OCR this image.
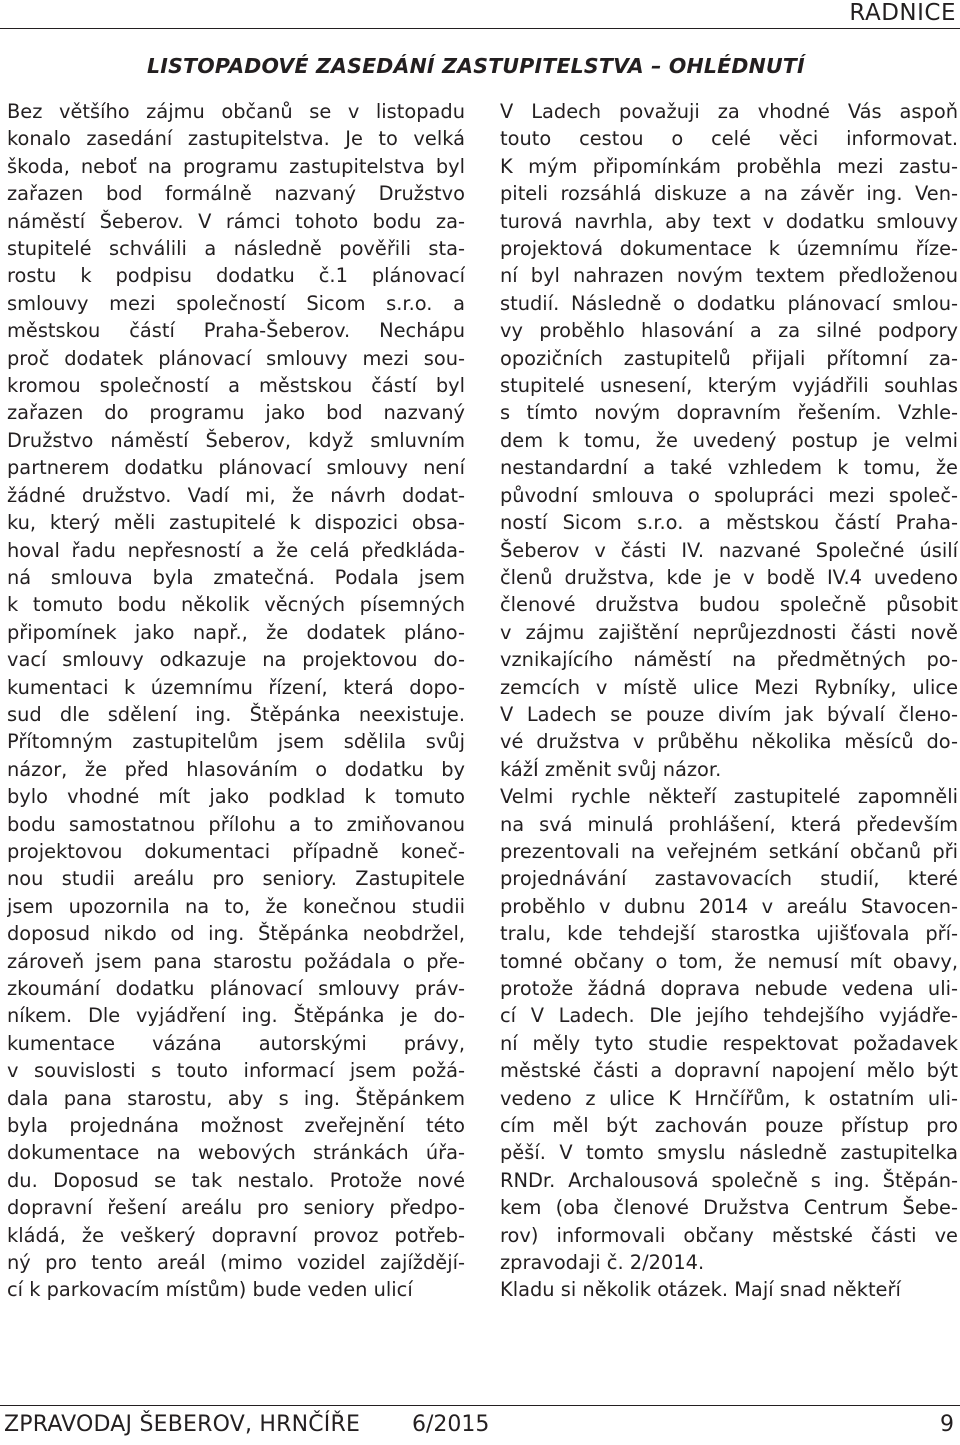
RADNICE
LISTOPADOVÉ ZASEDÁNÍ ZASTUPITELSTVA – OHLÉDNUTÍ

Bez většího zájmu občanů se v listopadu
konalo zasedání zastupitelstva. Je to velká
škoda, neboť na programu zastupitelstva byl
zařazen bod formálně nazvaný Družstvo
náměstí Šeberov. V rámci tohoto bodu za-
stupitelé schválili a následně pověřili sta-
rostu k podpisu dodatku č.1 plánovací
smlouvy mezi společností Sicom s.r.o. a
městskou částí Praha-Šeberov. Nechápu
proč dodatek plánovací smlouvy mezi sou-
kromou společností a městskou částí byl
zařazen do programu jako bod nazvaný
Družstvo náměstí Šeberov, když smluvním
partnerem dodatku plánovací smlouvy není
žádné družstvo. Vadí mi, že návrh dodat-
ku, který měli zastupitelé k dispozici obsa-
hoval řadu nepřesností a že celá předkláda-
ná smlouva byla zmatečná. Podala jsem
k tomuto bodu několik věcných písemných
připomínek jako např., že dodatek pláno-
vací smlouvy odkazuje na projektovou do-
kumentaci k územnímu řízení, která dopo-
sud dle sdělení ing. Štěpánka neexistuje.
Přítomným zastupitelům jsem sdělila svůj
názor, že před hlasováním o dodatku by
bylo vhodné mít jako podklad k tomuto
bodu samostatnou přílohu a to zmiňovanou
projektovou dokumentaci případně koneč-
nou studii areálu pro seniory. Zastupitele
jsem upozornila na to, že konečnou studii
doposud nikdo od ing. Štěpánka neobdržel,
zároveň jsem pana starostu požádala o pře-
zkoumání dodatku plánovací smlouvy práv-
níkem. Dle vyjádření ing. Štěpánka je do-
kumentace vázána autorskými právy,
v souvislosti s touto informací jsem požá-
dala pana starostu, aby s ing. Štěpánkem
byla projednána možnost zveřejnění této
dokumentace na webových stránkách úřa-
du. Doposud se tak nestalo. Protože nové
dopravní řešení areálu pro seniory předpo-
kládá, že veškerý dopravní provoz potřeb-
ný pro tento areál (mimo vozidel zajíždějí-
cí k parkovacím místům) bude veden ulicí

V Ladech považuji za vhodné Vás aspoň
touto cestou o celé věci informovat.
K mým připomínkám proběhla mezi zastu-
piteli rozsáhlá diskuze a na závěr ing. Ven-
turová navrhla, aby text v dodatku smlouvy
projektová dokumentace k územnímu říze-
ní byl nahrazen novým textem předloženou
studií. Následně o dodatku plánovací smlou-
vy proběhlo hlasování a za silné podpory
opozičních zastupitelů přijali přítomní za-
stupitelé usnesení, kterým vyjádřili souhlas
s tímto novým dopravním řešením. Vzhle-
dem k tomu, že uvedený postup je velmi
nestandardní a také vzhledem k tomu, že
původní smlouva o spolupráci mezi společ-
ností Sicom s.r.o. a městskou částí Praha-
Šeberov v části IV. nazvané Společné úsilí
členů družstva, kde je v bodě IV.4 uvedeno
členové družstva budou společně působit
v zájmu zajištění neprůjezdnosti části nově
vznikajícího náměstí na předmětných po-
zemcích v místě ulice Mezi Rybníky, ulice
V Ladech se pouze divím jak bývalí člено-
vé družstva v průběhu několika měsíců do-
kážÍ změnit svůj názor.

Velmi rychle někteří zastupitelé zapomněli
na svá minulá prohlášení, která především
prezentovali na veřejném setkání občanů při
projednávání zastavovacích studií, které
proběhlo v dubnu 2014 v areálu Stavocen-
tralu, kde tehdejší starostka ujišťovala pří-
tomné občany o tom, že nemusí mít obavy,
protože žádná doprava nebude vedena uli-
cí V Ladech. Dle jejího tehdejšího vyjádře-
ní měly tyto studie respektovat požadavek
městské části a dopravní napojení mělo být
vedeno z ulice K Hrnčířům, k ostatním uli-
cím měl být zachován pouze přístup pro
pěší. V tomto smyslu následně zastupitelka
RNDr. Archalousová společně s ing. Štěpán-
kem (oba členové Družstva Centrum Šebe-
rov) informovali občany městské části ve
zpravodaji č. 2/2014.

Kladu si několik otázek. Mají snad někteří

ZPRAVODAJ ŠEBEROV, HRNČÍŘE 6/2015	9
